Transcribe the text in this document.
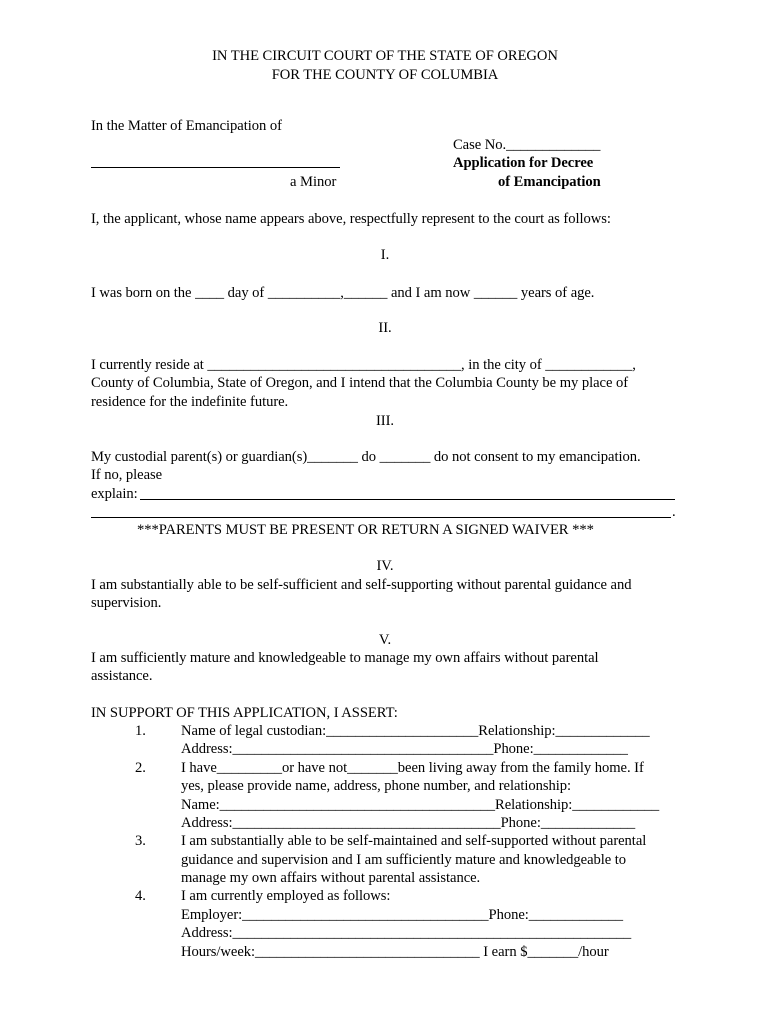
IN THE CIRCUIT COURT OF THE STATE OF OREGON
FOR THE COUNTY OF COLUMBIA
In the Matter of Emancipation of
Case No._____________
Application for Decree
a Minor	of Emancipation
I, the applicant, whose name appears above, respectfully represent to the court as follows:
I.
I was born on the ____ day of __________,______ and I am now ______ years of age.
II.
I currently reside at ___________________________________, in the city of ____________,
County of Columbia, State of Oregon, and I intend that the Columbia County be my place of
residence for the indefinite future.
III.
My custodial parent(s) or guardian(s)_______ do _______ do not consent to my emancipation.
If no, please
explain:
.
***PARENTS MUST BE PRESENT OR RETURN A SIGNED WAIVER ***
IV.
I am substantially able to be self-sufficient and self-supporting without parental guidance and
supervision.
V.
I am sufficiently mature and knowledgeable to manage my own affairs without parental
assistance.
IN SUPPORT OF THIS APPLICATION, I ASSERT:
1. Name of legal custodian:_____________________Relationship:_____________
Address:____________________________________Phone:_____________
2. I have_________or have not_______been living away from the family home. If
yes, please provide name, address, phone number, and relationship:
Name:______________________________________Relationship:____________
Address:_____________________________________Phone:_____________
3. I am substantially able to be self-maintained and self-supported without parental
guidance and supervision and I am sufficiently mature and knowledgeable to
manage my own affairs without parental assistance.
4. I am currently employed as follows:
Employer:__________________________________Phone:_____________
Address:_______________________________________________________
Hours/week:_______________________________ I earn $_______/hour
